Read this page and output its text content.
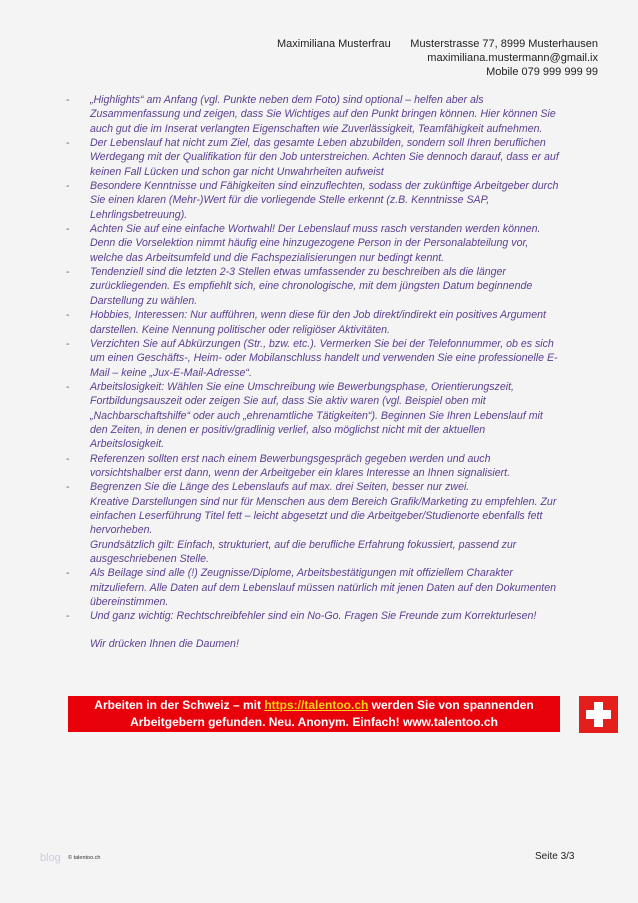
Maximiliana Musterfrau Musterstrasse 77, 8999 Musterhausen
maximiliana.mustermann@gmail.ix
Mobile 079 999 999 99
- „Highlights“ am Anfang (vgl. Punkte neben dem Foto) sind optional – helfen aber als
Zusammenfassung und zeigen, dass Sie Wichtiges auf den Punkt bringen können. Hier können Sie
auch gut die im Inserat verlangten Eigenschaften wie Zuverlässigkeit, Teamfähigkeit aufnehmen.
- Der Lebenslauf hat nicht zum Ziel, das gesamte Leben abzubilden, sondern soll Ihren beruflichen
Werdegang mit der Qualifikation für den Job unterstreichen. Achten Sie dennoch darauf, dass er auf
keinen Fall Lücken und schon gar nicht Unwahrheiten aufweist
- Besondere Kenntnisse und Fähigkeiten sind einzuflechten, sodass der zukünftige Arbeitgeber durch
Sie einen klaren (Mehr-)Wert für die vorliegende Stelle erkennt (z.B. Kenntnisse SAP,
Lehrlingsbetreuung).
- Achten Sie auf eine einfache Wortwahl! Der Lebenslauf muss rasch verstanden werden können.
Denn die Vorselektion nimmt häufig eine hinzugezogene Person in der Personalabteilung vor,
welche das Arbeitsumfeld und die Fachspezialisierungen nur bedingt kennt.
- Tendenziell sind die letzten 2-3 Stellen etwas umfassender zu beschreiben als die länger
zurückliegenden. Es empfiehlt sich, eine chronologische, mit dem jüngsten Datum beginnende
Darstellung zu wählen.
- Hobbies, Interessen: Nur aufführen, wenn diese für den Job direkt/indirekt ein positives Argument
darstellen. Keine Nennung politischer oder religiöser Aktivitäten.
- Verzichten Sie auf Abkürzungen (Str., bzw. etc.). Vermerken Sie bei der Telefonnummer, ob es sich
um einen Geschäfts-, Heim- oder Mobilanschluss handelt und verwenden Sie eine professionelle E-
Mail – keine „Jux-E-Mail-Adresse“.
- Arbeitslosigkeit: Wählen Sie eine Umschreibung wie Bewerbungsphase, Orientierungszeit,
Fortbildungsauszeit oder zeigen Sie auf, dass Sie aktiv waren (vgl. Beispiel oben mit
„Nachbarschaftshilfe“ oder auch „ehrenamtliche Tätigkeiten“). Beginnen Sie Ihren Lebenslauf mit
den Zeiten, in denen er positiv/gradlinig verlief, also möglichst nicht mit der aktuellen
Arbeitslosigkeit.
- Referenzen sollten erst nach einem Bewerbungsgespräch gegeben werden und auch
vorsichtshalber erst dann, wenn der Arbeitgeber ein klares Interesse an Ihnen signalisiert.
- Begrenzen Sie die Länge des Lebenslaufs auf max. drei Seiten, besser nur zwei.
Kreative Darstellungen sind nur für Menschen aus dem Bereich Grafik/Marketing zu empfehlen. Zur
einfachen Leserführung Titel fett – leicht abgesetzt und die Arbeitgeber/Studienorte ebenfalls fett
hervorheben.
Grundsätzlich gilt: Einfach, strukturiert, auf die berufliche Erfahrung fokussiert, passend zur
ausgeschriebenen Stelle.
- Als Beilage sind alle (!) Zeugnisse/Diplome, Arbeitsbestätigungen mit offiziellem Charakter
mitzuliefern. Alle Daten auf dem Lebenslauf müssen natürlich mit jenen Daten auf den Dokumenten
übereinstimmen.
- Und ganz wichtig: Rechtschreibfehler sind ein No-Go. Fragen Sie Freunde zum Korrekturlesen!
Wir drücken Ihnen die Daumen!
Arbeiten in der Schweiz – mit https://talentoo.ch werden Sie von spannenden
Arbeitgebern gefunden. Neu. Anonym. Einfach! www.talentoo.ch
blog © talentoo.ch	Seite 3/3
